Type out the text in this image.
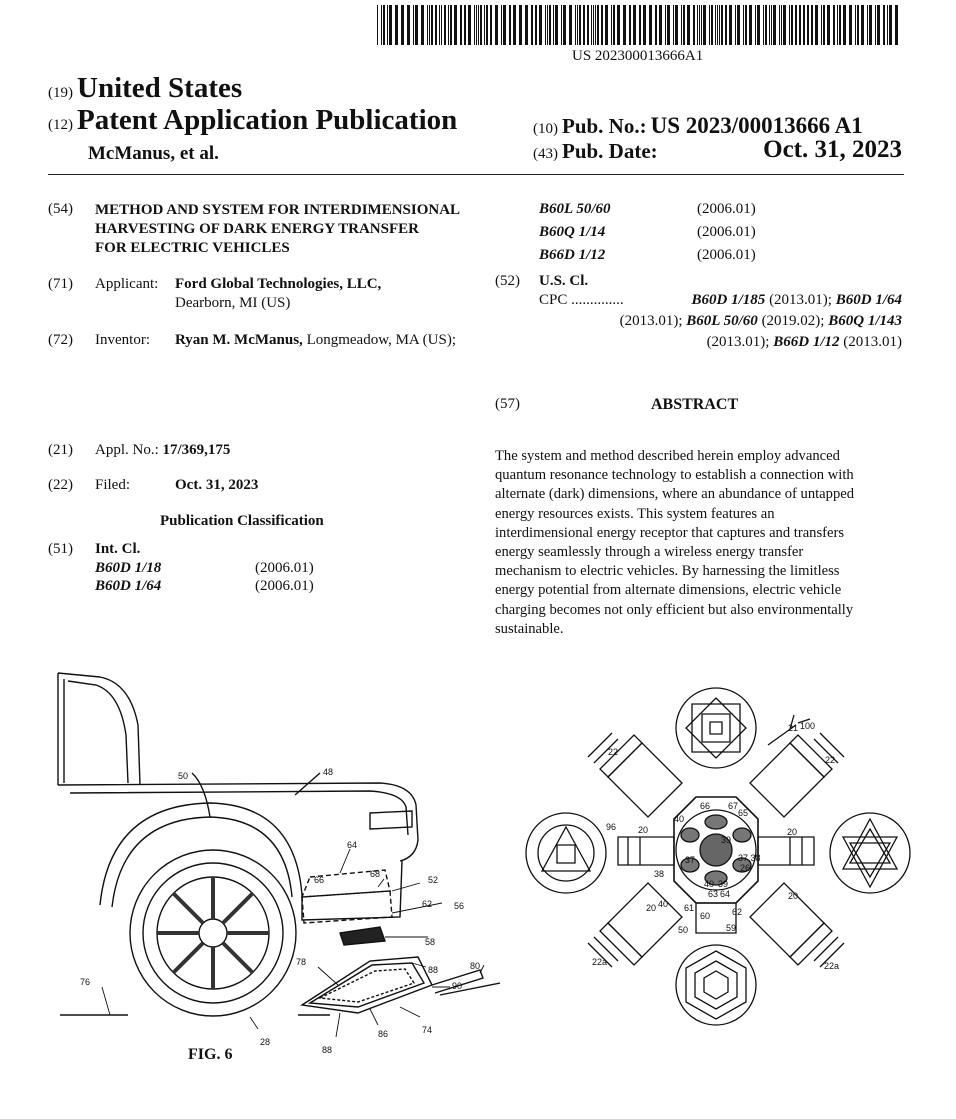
US 202300013666A1
(19) United States
(12) Patent Application Publication
McManus, et al.
(10) Pub. No.: US 2023/00013666 A1
(43) Pub. Date:	Oct. 31, 2023
(54) METHOD AND SYSTEM FOR INTERDIMENSIONAL
HARVESTING OF DARK ENERGY TRANSFER
FOR ELECTRIC VEHICLES
(71) Applicant: Ford Global Technologies, LLC,
Dearborn, MI (US)
(72) Inventor: Ryan M. McManus, Longmeadow, MA (US);
(21) Appl. No.: 17/369,175
(22) Filed:	Oct. 31, 2023
Publication Classification
(51) Int. Cl.
B60D 1/18	(2006.01)
B60D 1/64	(2006.01)
B60L 50/60	(2006.01)
B60Q 1/14	(2006.01)
B66D 1/12	(2006.01)
(52) U.S. Cl.
CPC ..............	B60D 1/185 (2013.01); B60D 1/64
(2013.01); B60L 50/60 (2019.02); B60Q 1/143
(2013.01); B66D 1/12 (2013.01)
(57)	ABSTRACT
The system and method described herein employ advanced
quantum resonance technology to establish a connection with
alternate (dark) dimensions, where an abundance of untapped
energy resources exists. This system features an
interdimensional energy receptor that captures and transfers
energy seamlessly through a wireless energy transfer
mechanism to electric vehicles. By harnessing the limitless
energy potential from alternate dimensions, electric vehicle
charging becomes not only efficient but also environmentally
sustainable.
50	48
64
66
68
52
62 56
58
78
88	80
76	90
74
86
88
28
FIG. 6
21 100
22
22
96 20	20
66 67
65
40
39
37	37,38
26
38
40 39
63 64
40 61
60 62
59
50
20
20
22a	22a
